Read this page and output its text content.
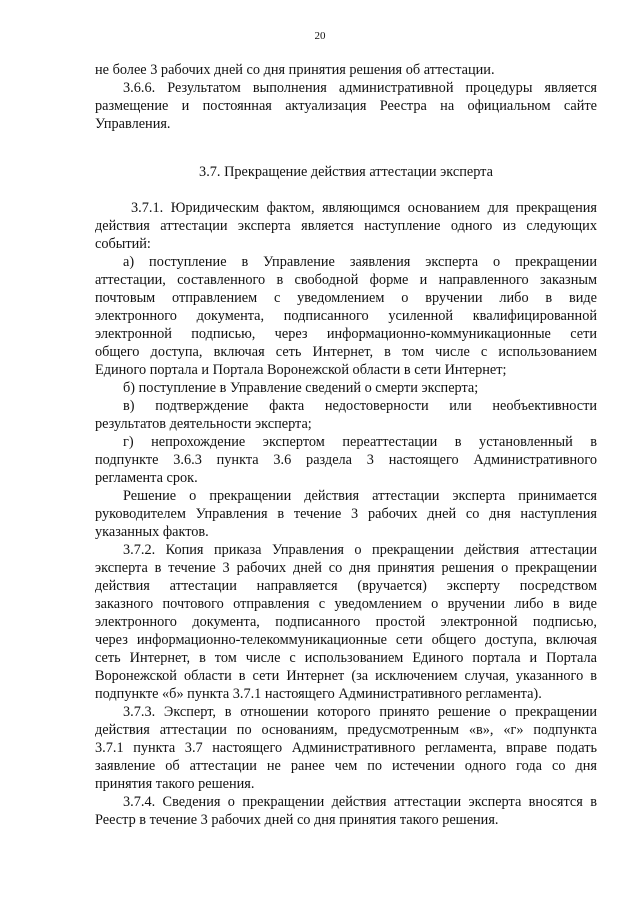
20
не более 3 рабочих дней со дня принятия решения об аттестации.
3.6.6. Результатом выполнения административной процедуры является
размещение и постоянная актуализация Реестра на официальном сайте
Управления.
3.7. Прекращение действия аттестации эксперта
3.7.1. Юридическим фактом, являющимся основанием для прекращения
действия аттестации эксперта является наступление одного из следующих
событий:
а) поступление в Управление заявления эксперта о прекращении
аттестации, составленного в свободной форме и направленного заказным
почтовым отправлением с уведомлением о вручении либо в виде
электронного документа, подписанного усиленной квалифицированной
электронной подписью, через информационно-коммуникационные сети
общего доступа, включая сеть Интернет, в том числе с использованием
Единого портала и Портала Воронежской области в сети Интернет;
б) поступление в Управление сведений о смерти эксперта;
в) подтверждение факта недостоверности или необъективности
результатов деятельности эксперта;
г) непрохождение экспертом переаттестации в установленный в
подпункте 3.6.3 пункта 3.6 раздела 3 настоящего Административного
регламента срок.
Решение о прекращении действия аттестации эксперта принимается
руководителем Управления в течение 3 рабочих дней со дня наступления
указанных фактов.
3.7.2. Копия приказа Управления о прекращении действия аттестации
эксперта в течение 3 рабочих дней со дня принятия решения о прекращении
действия аттестации направляется (вручается) эксперту посредством
заказного почтового отправления с уведомлением о вручении либо в виде
электронного документа, подписанного простой электронной подписью,
через информационно-телекоммуникационные сети общего доступа, включая
сеть Интернет, в том числе с использованием Единого портала и Портала
Воронежской области в сети Интернет (за исключением случая, указанного в
подпункте «б» пункта 3.7.1 настоящего Административного регламента).
3.7.3. Эксперт, в отношении которого принято решение о прекращении
действия аттестации по основаниям, предусмотренным «в», «г» подпункта
3.7.1 пункта 3.7 настоящего Административного регламента, вправе подать
заявление об аттестации не ранее чем по истечении одного года со дня
принятия такого решения.
3.7.4. Сведения о прекращении действия аттестации эксперта вносятся в
Реестр в течение 3 рабочих дней со дня принятия такого решения.
